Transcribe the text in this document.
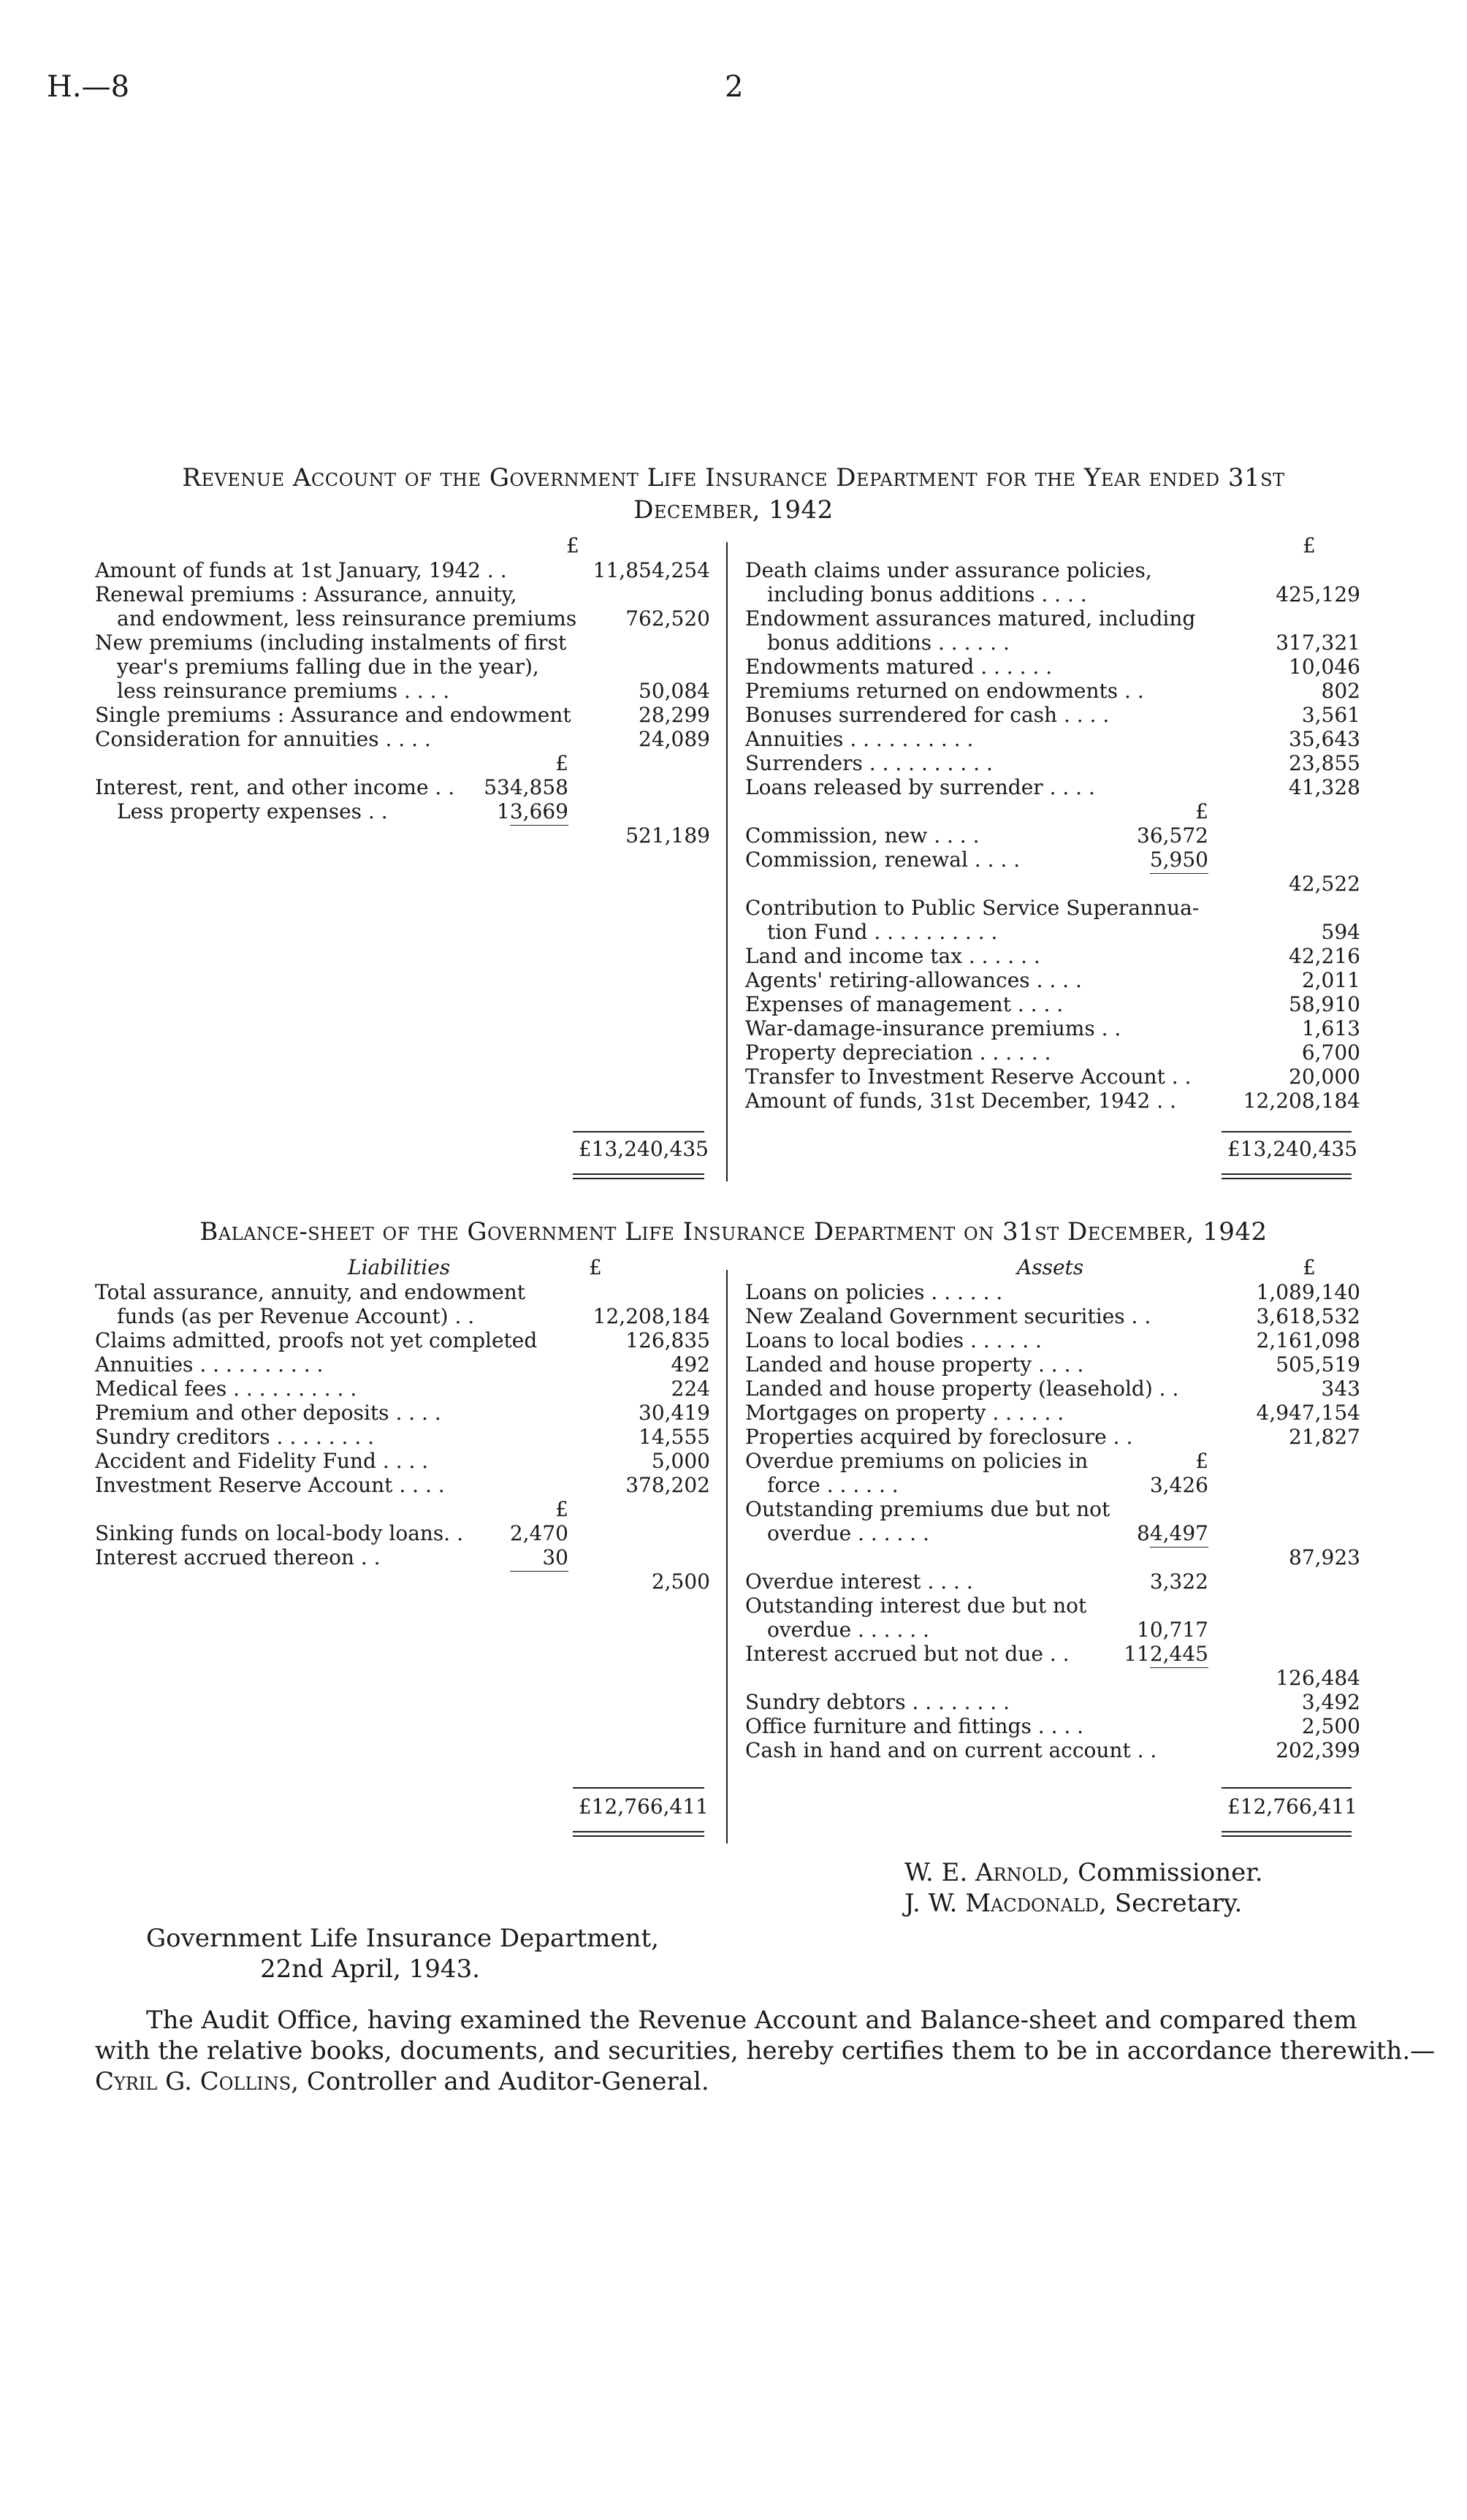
H.—8	2
Revenue Account of the Government Life Insurance Department for the Year ended 31st
December, 1942
£	£
Amount of funds at 1st January, 1942 . .	11,854,254
Renewal premiums : Assurance, annuity,
and endowment, less reinsurance premiums	762,520
New premiums (including instalments of first
year's premiums falling due in the year),
less reinsurance premiums . . . .	50,084
Single premiums : Assurance and endowment	28,299
Consideration for annuities . . . .	24,089
£
Interest, rent, and other income . .	534,858
Less property expenses . .	13,669
521,189
Death claims under assurance policies,
including bonus additions . . . .	425,129
Endowment assurances matured, including
bonus additions . . . . . .	317,321
Endowments matured . . . . . .	10,046
Premiums returned on endowments . .	802
Bonuses surrendered for cash . . . .	3,561
Annuities . . . . . . . . . .	35,643
Surrenders . . . . . . . . . .	23,855
Loans released by surrender . . . .	41,328
£
Commission, new . . . .	36,572
Commission, renewal . . . .	5,950
42,522
Contribution to Public Service Superannua-
tion Fund . . . . . . . . . .	594
Land and income tax . . . . . .	42,216
Agents' retiring-allowances . . . .	2,011
Expenses of management . . . .	58,910
War-damage-insurance premiums . .	1,613
Property depreciation . . . . . .	6,700
Transfer to Investment Reserve Account . .	20,000
Amount of funds, 31st December, 1942 . .	12,208,184
£13,240,435	£13,240,435
Balance-sheet of the Government Life Insurance Department on 31st December, 1942
Liabilities	£	Assets	£
Total assurance, annuity, and endowment
funds (as per Revenue Account) . .	12,208,184
Claims admitted, proofs not yet completed	126,835
Annuities . . . . . . . . . .	492
Medical fees . . . . . . . . . .	224
Premium and other deposits . . . .	30,419
Sundry creditors . . . . . . . .	14,555
Accident and Fidelity Fund . . . .	5,000
Investment Reserve Account . . . .	378,202
£
Sinking funds on local-body loans. .	2,470
Interest accrued thereon . .	30
2,500
Loans on policies . . . . . .	1,089,140
New Zealand Government securities . .	3,618,532
Loans to local bodies . . . . . .	2,161,098
Landed and house property . . . .	505,519
Landed and house property (leasehold) . .	343
Mortgages on property . . . . . .	4,947,154
Properties acquired by foreclosure . .	21,827
Overdue premiums on policies in	£
force . . . . . .	3,426
Outstanding premiums due but not
overdue . . . . . .	84,497
87,923
Overdue interest . . . .	3,322
Outstanding interest due but not
overdue . . . . . .	10,717
Interest accrued but not due . .	112,445
126,484
Sundry debtors . . . . . . . .	3,492
Office furniture and fittings . . . .	2,500
Cash in hand and on current account . .	202,399
£12,766,411	£12,766,411
W. E. Arnold, Commissioner.
J. W. Macdonald, Secretary.
Government Life Insurance Department,
22nd April, 1943.
The Audit Office, having examined the Revenue Account and Balance-sheet and compared them
with the relative books, documents, and securities, hereby certifies them to be in accordance therewith.—
Cyril G. Collins, Controller and Auditor-General.
